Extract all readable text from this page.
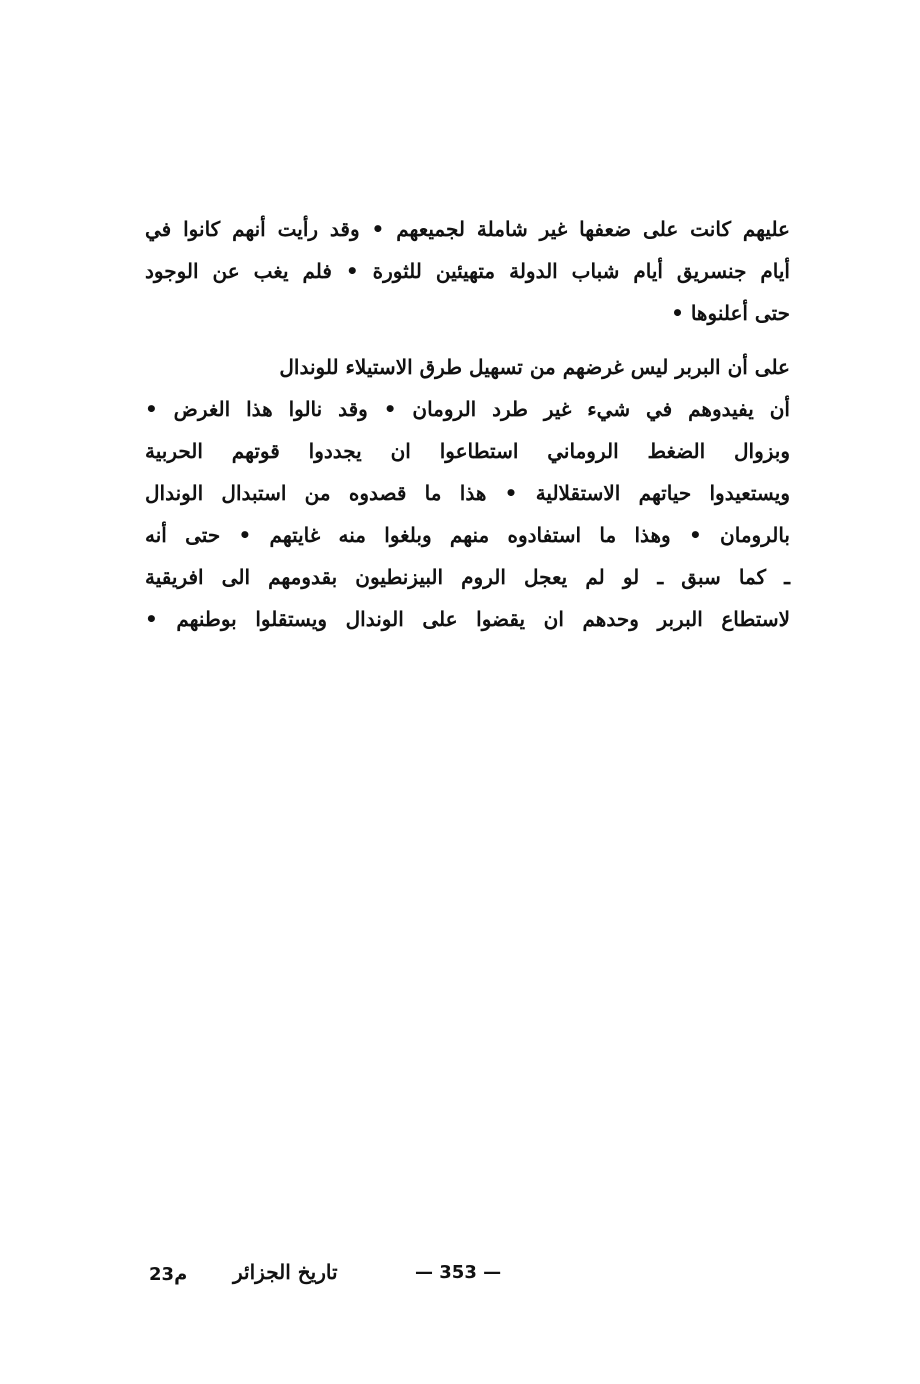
عليهم كانت على ضعفها غير شاملة لجميعهم • وقد رأيت أنهم كانوا في
أيام جنسريق أيام شباب الدولة متهيئين للثورة • فلم يغب عن الوجود
حتى أعلنوها •
على أن البربر ليس غرضهم من تسهيل طرق الاستيلاء للوندال
أن يفيدوهم في شيء غير طرد الرومان • وقد نالوا هذا الغرض •
وبزوال الضغط الروماني استطاعوا ان يجددوا قوتهم الحربية
ويستعيدوا حياتهم الاستقلالية • هذا ما قصدوه من استبدال الوندال
بالرومان • وهذا ما استفادوه منهم وبلغوا منه غايتهم • حتى أنه
ـ كما سبق ـ لو لم يعجل الروم البيزنطيون بقدومهم الى افريقية
لاستطاع البربر وحدهم ان يقضوا على الوندال ويستقلوا بوطنهم •
23م تاريخ الجزائر	— 353 —
